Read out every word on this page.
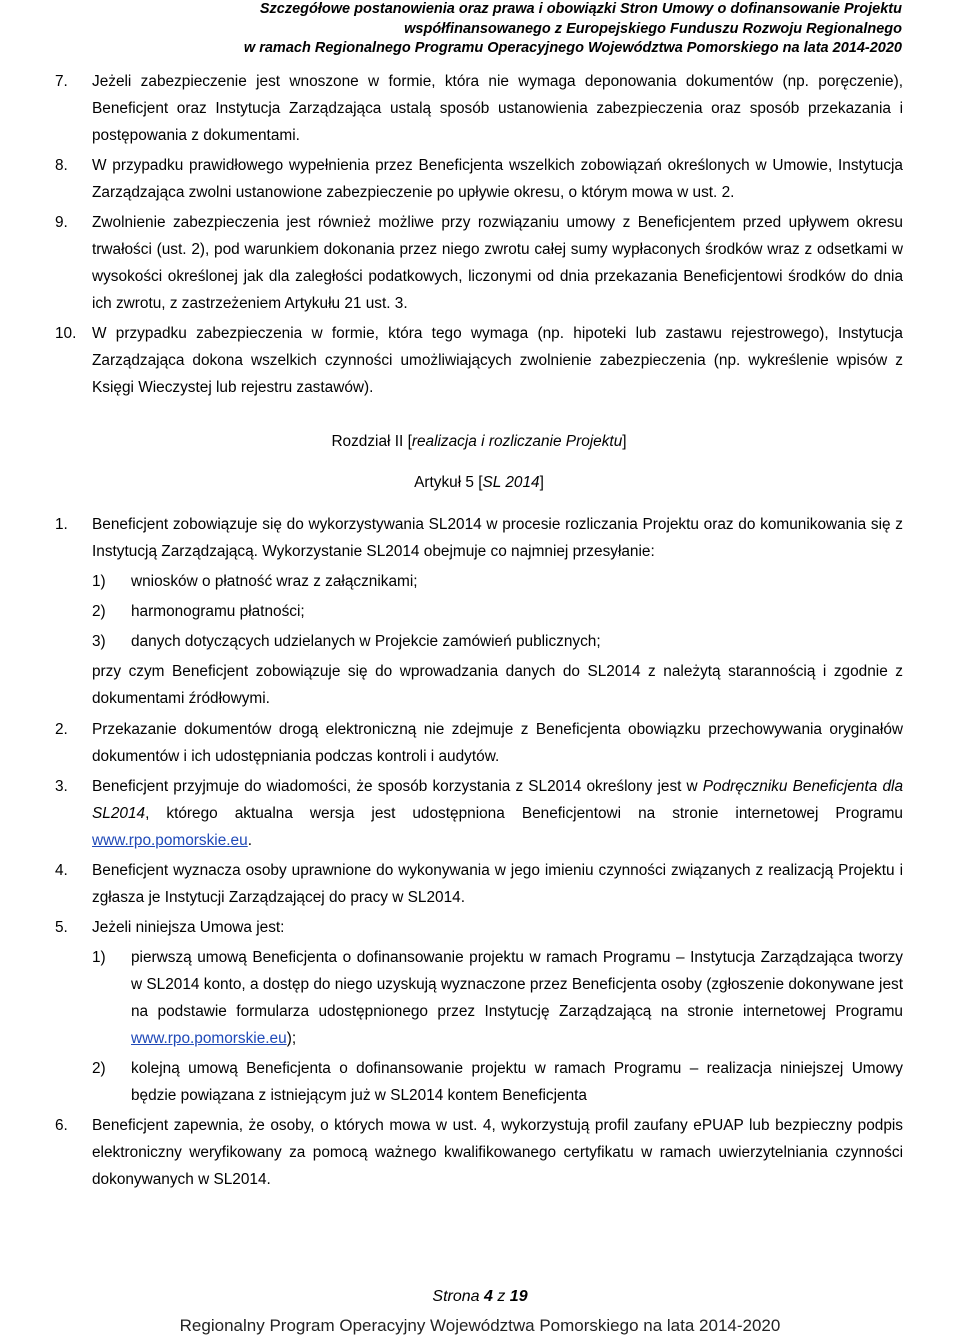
Szczegółowe postanowienia oraz prawa i obowiązki Stron Umowy o dofinansowanie Projektu

współfinansowanego z Europejskiego Funduszu Rozwoju Regionalnego

w ramach Regionalnego Programu Operacyjnego Województwa Pomorskiego na lata 2014-2020

7. Jeżeli zabezpieczenie jest wnoszone w formie, która nie wymaga deponowania dokumentów (np. poręczenie), Beneficjent oraz Instytucja Zarządzająca ustalą sposób ustanowienia zabezpieczenia oraz sposób przekazania i postępowania z dokumentami.
8. W przypadku prawidłowego wypełnienia przez Beneficjenta wszelkich zobowiązań określonych w Umowie, Instytucja Zarządzająca zwolni ustanowione zabezpieczenie po upływie okresu, o którym mowa w ust. 2.
9. Zwolnienie zabezpieczenia jest również możliwe przy rozwiązaniu umowy z Beneficjentem przed upływem okresu trwałości (ust. 2), pod warunkiem dokonania przez niego zwrotu całej sumy wypłaconych środków wraz z odsetkami w wysokości określonej jak dla zaległości podatkowych, liczonymi od dnia przekazania Beneficjentowi środków do dnia ich zwrotu, z zastrzeżeniem Artykułu 21 ust. 3.
10. W przypadku zabezpieczenia w formie, która tego wymaga (np. hipoteki lub zastawu rejestrowego), Instytucja Zarządzająca dokona wszelkich czynności umożliwiających zwolnienie zabezpieczenia (np. wykreślenie wpisów z Księgi Wieczystej lub rejestru zastawów).
Rozdział II [realizacja i rozliczanie Projektu]
Artykuł 5 [SL 2014]
1. Beneficjent zobowiązuje się do wykorzystywania SL2014 w procesie rozliczania Projektu oraz do komunikowania się z Instytucją Zarządzającą. Wykorzystanie SL2014 obejmuje co najmniej przesyłanie:
1) wniosków o płatność wraz z załącznikami;
2) harmonogramu płatności;
3) danych dotyczących udzielanych w Projekcie zamówień publicznych;
przy czym Beneficjent zobowiązuje się do wprowadzania danych do SL2014 z należytą starannością i zgodnie z dokumentami źródłowymi.
2. Przekazanie dokumentów drogą elektroniczną nie zdejmuje z Beneficjenta obowiązku przechowywania oryginałów dokumentów i ich udostępniania podczas kontroli i audytów.
3. Beneficjent przyjmuje do wiadomości, że sposób korzystania z SL2014 określony jest w Podręczniku Beneficjenta dla SL2014, którego aktualna wersja jest udostępniona Beneficjentowi na stronie internetowej Programu www.rpo.pomorskie.eu.
4. Beneficjent wyznacza osoby uprawnione do wykonywania w jego imieniu czynności związanych z realizacją Projektu i zgłasza je Instytucji Zarządzającej do pracy w SL2014.
5. Jeżeli niniejsza Umowa jest:
1) pierwszą umową Beneficjenta o dofinansowanie projektu w ramach Programu – Instytucja Zarządzająca tworzy w SL2014 konto, a dostęp do niego uzyskują wyznaczone przez Beneficjenta osoby (zgłoszenie dokonywane jest na podstawie formularza udostępnionego przez Instytucję Zarządzającą na stronie internetowej Programu www.rpo.pomorskie.eu);
2) kolejną umową Beneficjenta o dofinansowanie projektu w ramach Programu – realizacja niniejszej Umowy będzie powiązana z istniejącym już w SL2014 kontem Beneficjenta
6. Beneficjent zapewnia, że osoby, o których mowa w ust. 4, wykorzystują profil zaufany ePUAP lub bezpieczny podpis elektroniczny weryfikowany za pomocą ważnego kwalifikowanego certyfikatu w ramach uwierzytelniania czynności dokonywanych w SL2014.
Strona 4 z 19
Regionalny Program Operacyjny Województwa Pomorskiego na lata 2014-2020
